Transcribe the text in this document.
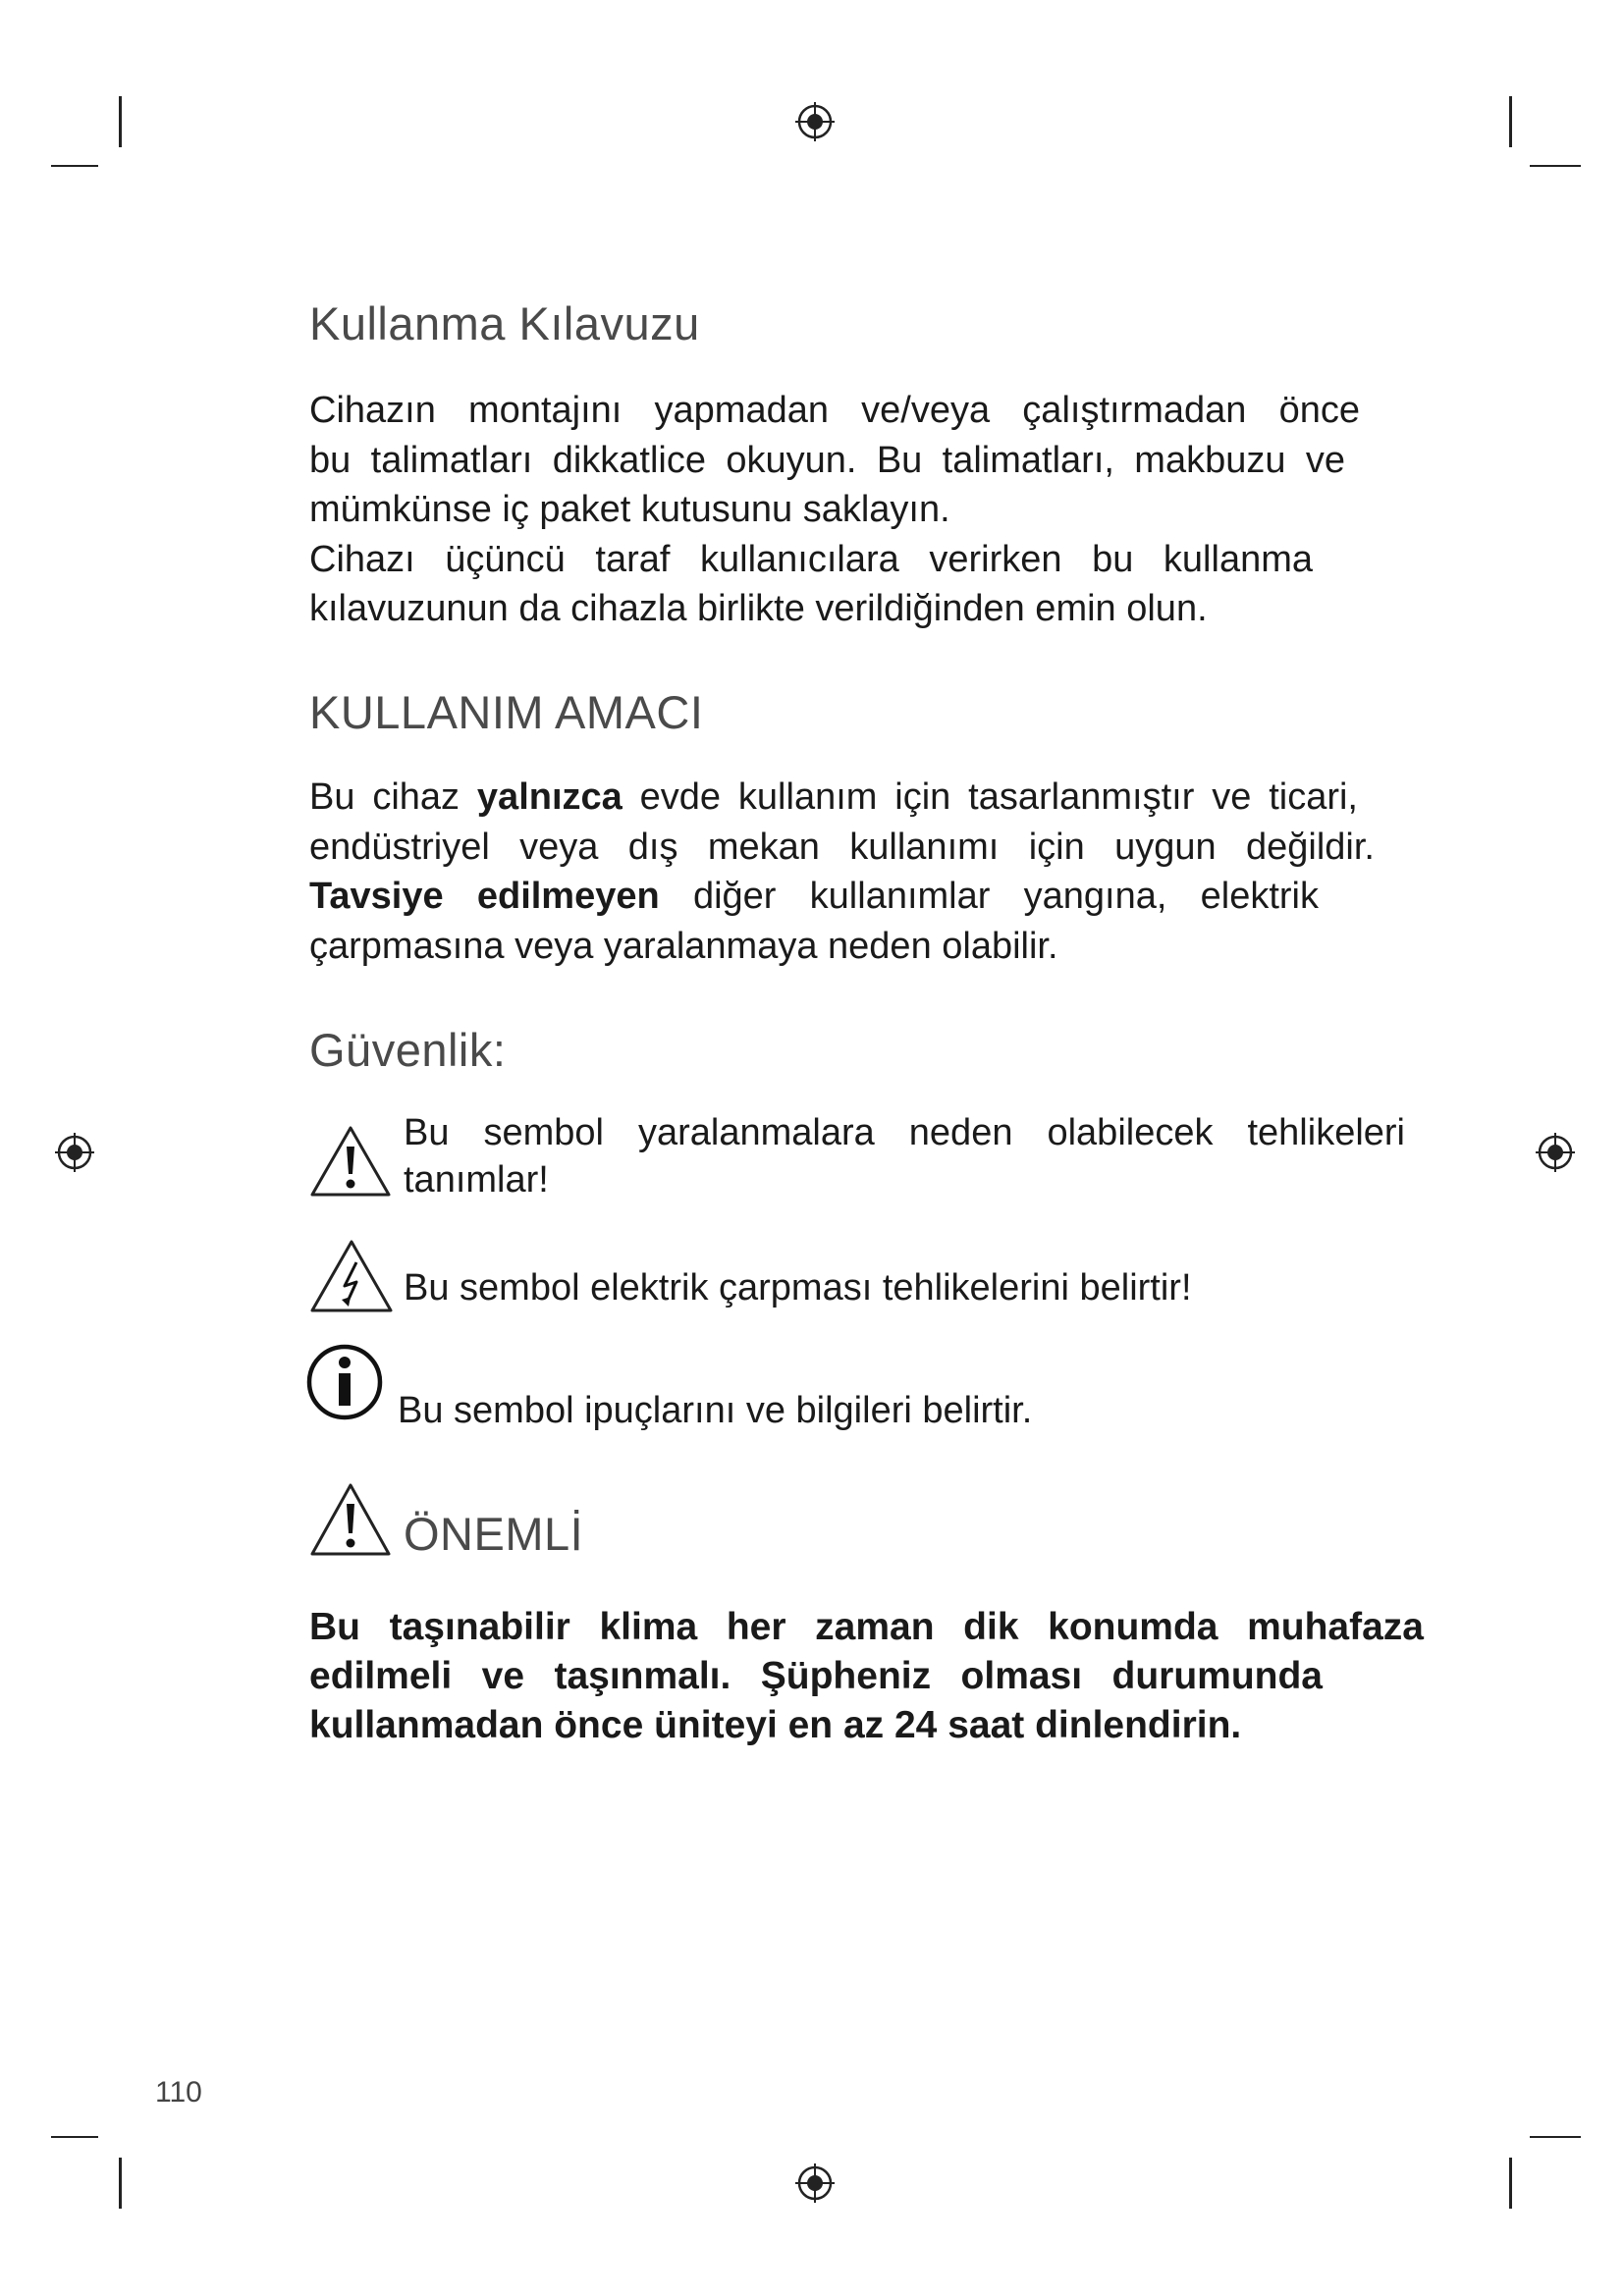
Kullanma Kılavuzu
Cihazın montajını yapmadan ve/veya çalıştırmadan önce
bu talimatları dikkatlice okuyun. Bu talimatları, makbuzu ve
mümkünse iç paket kutusunu saklayın.
Cihazı üçüncü taraf kullanıcılara verirken bu kullanma
kılavuzunun da cihazla birlikte verildiğinden emin olun.
KULLANIM AMACI
Bu cihaz yalnızca evde kullanım için tasarlanmıştır ve ticari,
endüstriyel veya dış mekan kullanımı için uygun değildir.
Tavsiye edilmeyen diğer kullanımlar yangına, elektrik
çarpmasına veya yaralanmaya neden olabilir.
Güvenlik:

Bu sembol yaralanmalara neden olabilecek tehlikeleri
tanımlar!

Bu sembol elektrik çarpması tehlikelerini belirtir!

Bu sembol ipuçlarını ve bilgileri belirtir.

ÖNEMLİ
Bu taşınabilir klima her zaman dik konumda muhafaza
edilmeli ve taşınmalı. Şüpheniz olması durumunda
kullanmadan önce üniteyi en az 24 saat dinlendirin.
110
